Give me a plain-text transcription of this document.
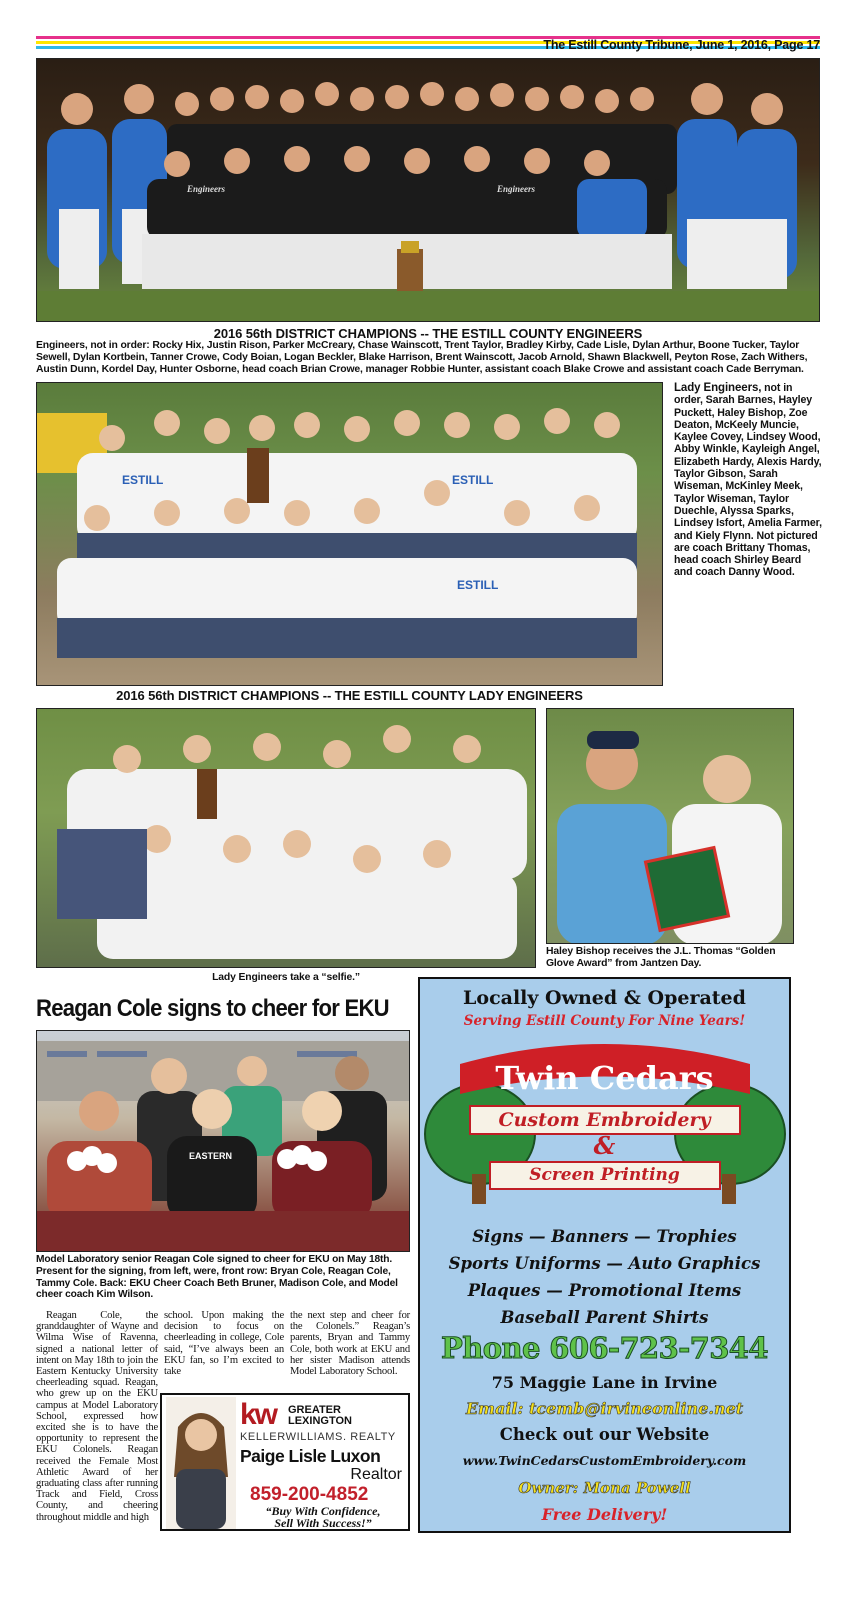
The Estill County Tribune, June 1, 2016, Page 17
Engineers	Engineers
2016 56th DISTRICT CHAMPIONS -- THE ESTILL COUNTY ENGINEERS
Engineers, not in order: Rocky Hix, Justin Rison, Parker McCreary, Chase Wainscott, Trent Taylor, Bradley Kirby, Cade Lisle, Dylan Arthur, Boone Tucker, Taylor Sewell, Dylan Kortbein, Tanner Crowe, Cody Boian, Logan Beckler, Blake Harrison, Brent Wainscott, Jacob Arnold, Shawn Blackwell, Peyton Rose, Zach Withers, Austin Dunn, Kordel Day, Hunter Osborne, head coach Brian Crowe, manager Robbie Hunter, assistant coach Blake Crowe and assistant coach Cade Berryman.
ESTILL	ESTILL
ESTILL
Lady Engineers, not in order, Sarah Barnes, Hayley Puckett, Haley Bishop, Zoe Deaton, McKeely Muncie, Kaylee Covey, Lindsey Wood, Abby Winkle, Kayleigh Angel, Elizabeth Hardy, Alexis Hardy, Taylor Gibson, Sarah Wiseman, McKinley Meek, Taylor Wiseman, Taylor Duechle, Alyssa Sparks, Lindsey Isfort, Amelia Farmer, and Kiely Flynn. Not pictured are coach Brittany Thomas, head coach Shirley Beard and coach Danny Wood.
2016 56th DISTRICT CHAMPIONS -- THE ESTILL COUNTY LADY ENGINEERS
Lady Engineers take a “selfie.”
Haley Bishop receives the J.L. Thomas “Golden Glove Award” from Jantzen Day.
Reagan Cole signs to cheer for EKU
EASTERN
Model Laboratory senior Reagan Cole signed to cheer for EKU on May 18th. Present for the signing, from left, were, front row: Bryan Cole, Reagan Cole, Tammy Cole. Back: EKU Cheer Coach Beth Bruner, Madison Cole, and Model cheer coach Kim Wilson.
Reagan Cole, the granddaughter of Wayne and Wilma Wise of Ravenna, signed a national letter of intent on May 18th to join the Eastern Kentucky University cheerleading squad. Reagan, who grew up on the EKU campus at Model Laboratory School, expressed how excited she is to have the opportunity to represent the EKU Colonels. Reagan received the Female Most Athletic Award of her graduating class after running Track and Field, Cross County, and cheering throughout middle and high
school. Upon making the decision to focus on cheerleading in college, Cole said, “I’ve always been an EKU fan, so I’m excited to take
the next step and cheer for the Colonels.” Reagan’s parents, Bryan and Tammy Cole, both work at EKU and her sister Madison attends Model Laboratory School.
kw	GREATER
LEXINGTON
KELLERWILLIAMS. REALTY
Paige Lisle Luxon
Realtor
859-200-4852
“Buy With Confidence,
Sell With Success!”
Locally Owned & Operated
Serving Estill County For Nine Years!
Twin Cedars
Custom Embroidery
&
Screen Printing
Signs — Banners — Trophies
Sports Uniforms — Auto Graphics
Plaques — Promotional Items
Baseball Parent Shirts
Phone 606-723-7344
75 Maggie Lane in Irvine
Email: tcemb@irvineonline.net
Check out our Website
www.TwinCedarsCustomEmbroidery.com
Owner: Mona Powell
Free Delivery!
